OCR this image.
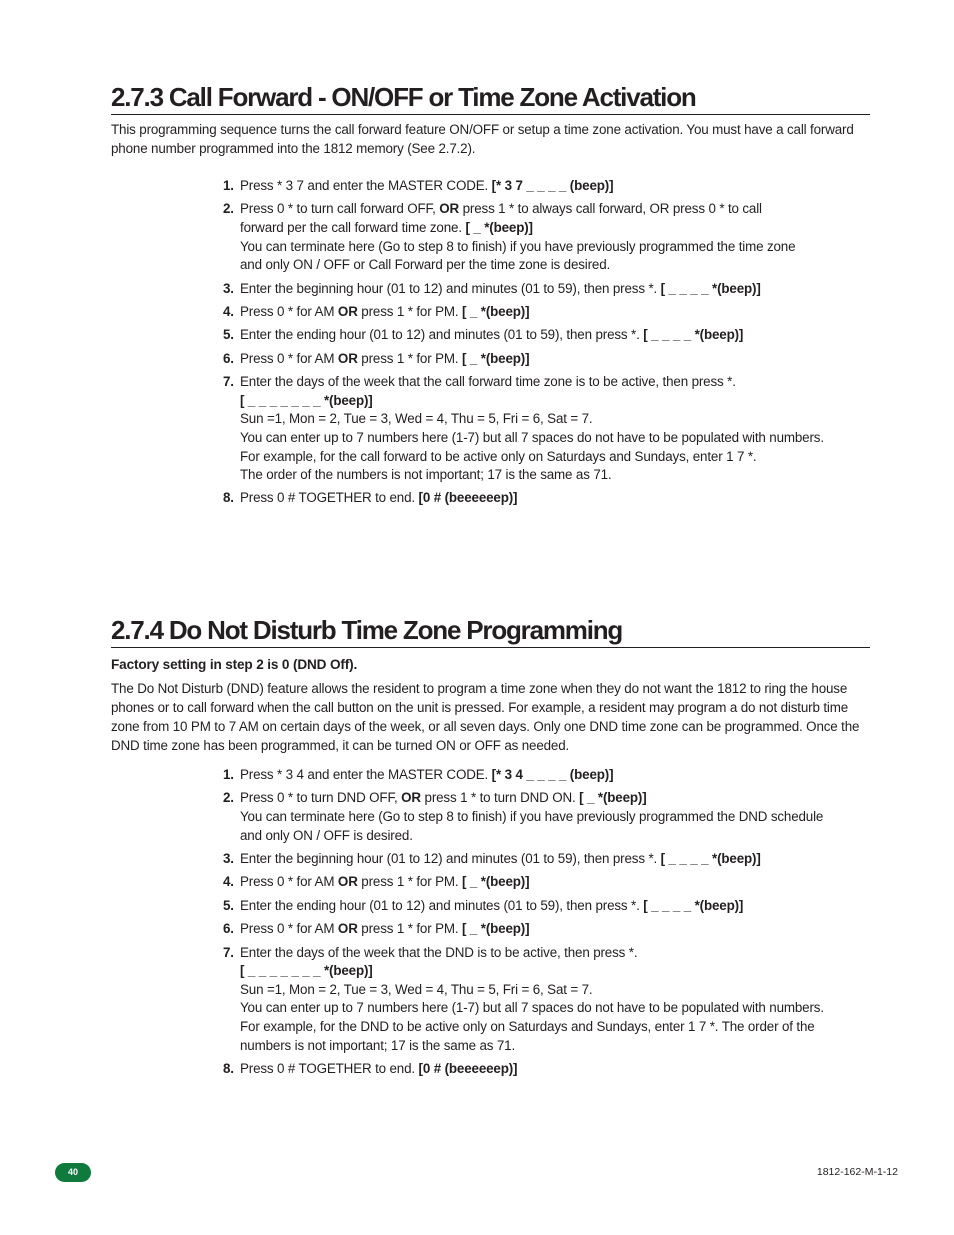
2.7.3 Call Forward - ON/OFF or Time Zone Activation
This programming sequence turns the call forward feature ON/OFF or setup a time zone activation. You must have a call forward phone number programmed into the 1812 memory (See 2.7.2).
1. Press * 3 7 and enter the MASTER CODE. [* 3 7 _ _ _ _ (beep)]
2. Press 0 * to turn call forward OFF, OR press 1 * to always call forward, OR press 0 * to call
forward per the call forward time zone. [ _ *(beep)]
You can terminate here (Go to step 8 to finish) if you have previously programmed the time zone
and only ON / OFF or Call Forward per the time zone is desired.
3. Enter the beginning hour (01 to 12) and minutes (01 to 59), then press *. [ _ _ _ _ *(beep)]
4. Press 0 * for AM OR press 1 * for PM. [ _ *(beep)]
5. Enter the ending hour (01 to 12) and minutes (01 to 59), then press *. [ _ _ _ _ *(beep)]
6. Press 0 * for AM OR press 1 * for PM. [ _ *(beep)]
7. Enter the days of the week that the call forward time zone is to be active, then press *.
[ _ _ _ _ _ _ _ *(beep)]
Sun =1, Mon = 2, Tue = 3, Wed = 4, Thu = 5, Fri = 6, Sat = 7.
You can enter up to 7 numbers here (1-7) but all 7 spaces do not have to be populated with numbers.
For example, for the call forward to be active only on Saturdays and Sundays, enter 1 7 *.
The order of the numbers is not important; 17 is the same as 71.
8. Press 0 # TOGETHER to end. [0 # (beeeeeep)]
2.7.4 Do Not Disturb Time Zone Programming
Factory setting in step 2 is 0 (DND Off).
The Do Not Disturb (DND) feature allows the resident to program a time zone when they do not want the 1812 to ring the house phones or to call forward when the call button on the unit is pressed. For example, a resident may program a do not disturb time zone from 10 PM to 7 AM on certain days of the week, or all seven days. Only one DND time zone can be programmed. Once the DND time zone has been programmed, it can be turned ON or OFF as needed.
1. Press * 3 4 and enter the MASTER CODE. [* 3 4 _ _ _ _ (beep)]
2. Press 0 * to turn DND OFF, OR press 1 * to turn DND ON. [ _ *(beep)]
You can terminate here (Go to step 8 to finish) if you have previously programmed the DND schedule
and only ON / OFF is desired.
3. Enter the beginning hour (01 to 12) and minutes (01 to 59), then press *. [ _ _ _ _ *(beep)]
4. Press 0 * for AM OR press 1 * for PM. [ _ *(beep)]
5. Enter the ending hour (01 to 12) and minutes (01 to 59), then press *. [ _ _ _ _ *(beep)]
6. Press 0 * for AM OR press 1 * for PM. [ _ *(beep)]
7. Enter the days of the week that the DND is to be active, then press *.
[ _ _ _ _ _ _ _ *(beep)]
Sun =1, Mon = 2, Tue = 3, Wed = 4, Thu = 5, Fri = 6, Sat = 7.
You can enter up to 7 numbers here (1-7) but all 7 spaces do not have to be populated with numbers.
For example, for the DND to be active only on Saturdays and Sundays, enter 1 7 *. The order of the
numbers is not important; 17 is the same as 71.
8. Press 0 # TOGETHER to end. [0 # (beeeeeep)]
40	1812-162-M-1-12
